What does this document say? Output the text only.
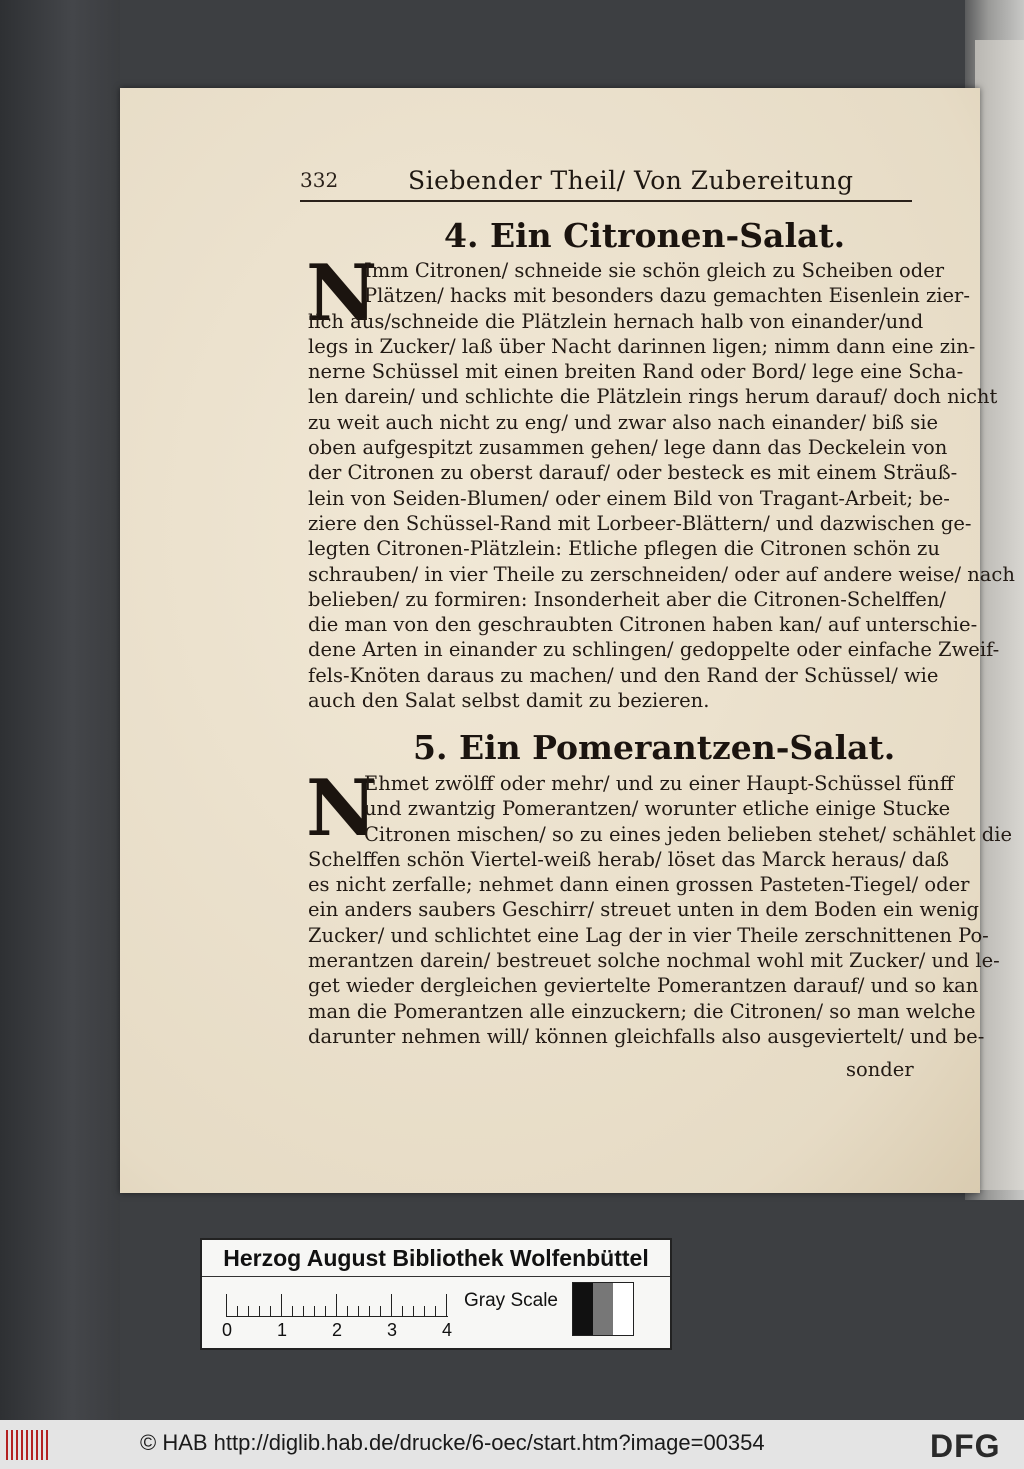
332	Siebender Theil/ Von Zubereitung
4. Ein Citronen-Salat.
N
Imm Citronen/ schneide sie schön gleich zu Scheiben oder
Plätzen/ hacks mit besonders dazu gemachten Eisenlein zier-
lich aus/schneide die Plätzlein hernach halb von einander/und
legs in Zucker/ laß über Nacht darinnen ligen; nimm dann eine zin-
nerne Schüssel mit einen breiten Rand oder Bord/ lege eine Scha-
len darein/ und schlichte die Plätzlein rings herum darauf/ doch nicht
zu weit auch nicht zu eng/ und zwar also nach einander/ biß sie
oben aufgespitzt zusammen gehen/ lege dann das Deckelein von
der Citronen zu oberst darauf/ oder besteck es mit einem Sträuß-
lein von Seiden-Blumen/ oder einem Bild von Tragant-Arbeit; be-
ziere den Schüssel-Rand mit Lorbeer-Blättern/ und dazwischen ge-
legten Citronen-Plätzlein: Etliche pflegen die Citronen schön zu
schrauben/ in vier Theile zu zerschneiden/ oder auf andere weise/ nach
belieben/ zu formiren: Insonderheit aber die Citronen-Schelffen/
die man von den geschraubten Citronen haben kan/ auf unterschie-
dene Arten in einander zu schlingen/ gedoppelte oder einfache Zweif-
fels-Knöten daraus zu machen/ und den Rand der Schüssel/ wie
auch den Salat selbst damit zu bezieren.
5. Ein Pomerantzen-Salat.
N
Ehmet zwölff oder mehr/ und zu einer Haupt-Schüssel fünff
und zwantzig Pomerantzen/ worunter etliche einige Stucke
Citronen mischen/ so zu eines jeden belieben stehet/ schählet die
Schelffen schön Viertel-weiß herab/ löset das Marck heraus/ daß
es nicht zerfalle; nehmet dann einen grossen Pasteten-Tiegel/ oder
ein anders saubers Geschirr/ streuet unten in dem Boden ein wenig
Zucker/ und schlichtet eine Lag der in vier Theile zerschnittenen Po-
merantzen darein/ bestreuet solche nochmal wohl mit Zucker/ und le-
get wieder dergleichen geviertelte Pomerantzen darauf/ und so kan
man die Pomerantzen alle einzuckern; die Citronen/ so man welche
darunter nehmen will/ können gleichfalls also ausgeviertelt/ und be-
sonder
Herzog August Bibliothek Wolfenbüttel
0 1 2 3 4
Gray Scale
© HAB http://diglib.hab.de/drucke/6-oec/start.htm?image=00354	DFG
